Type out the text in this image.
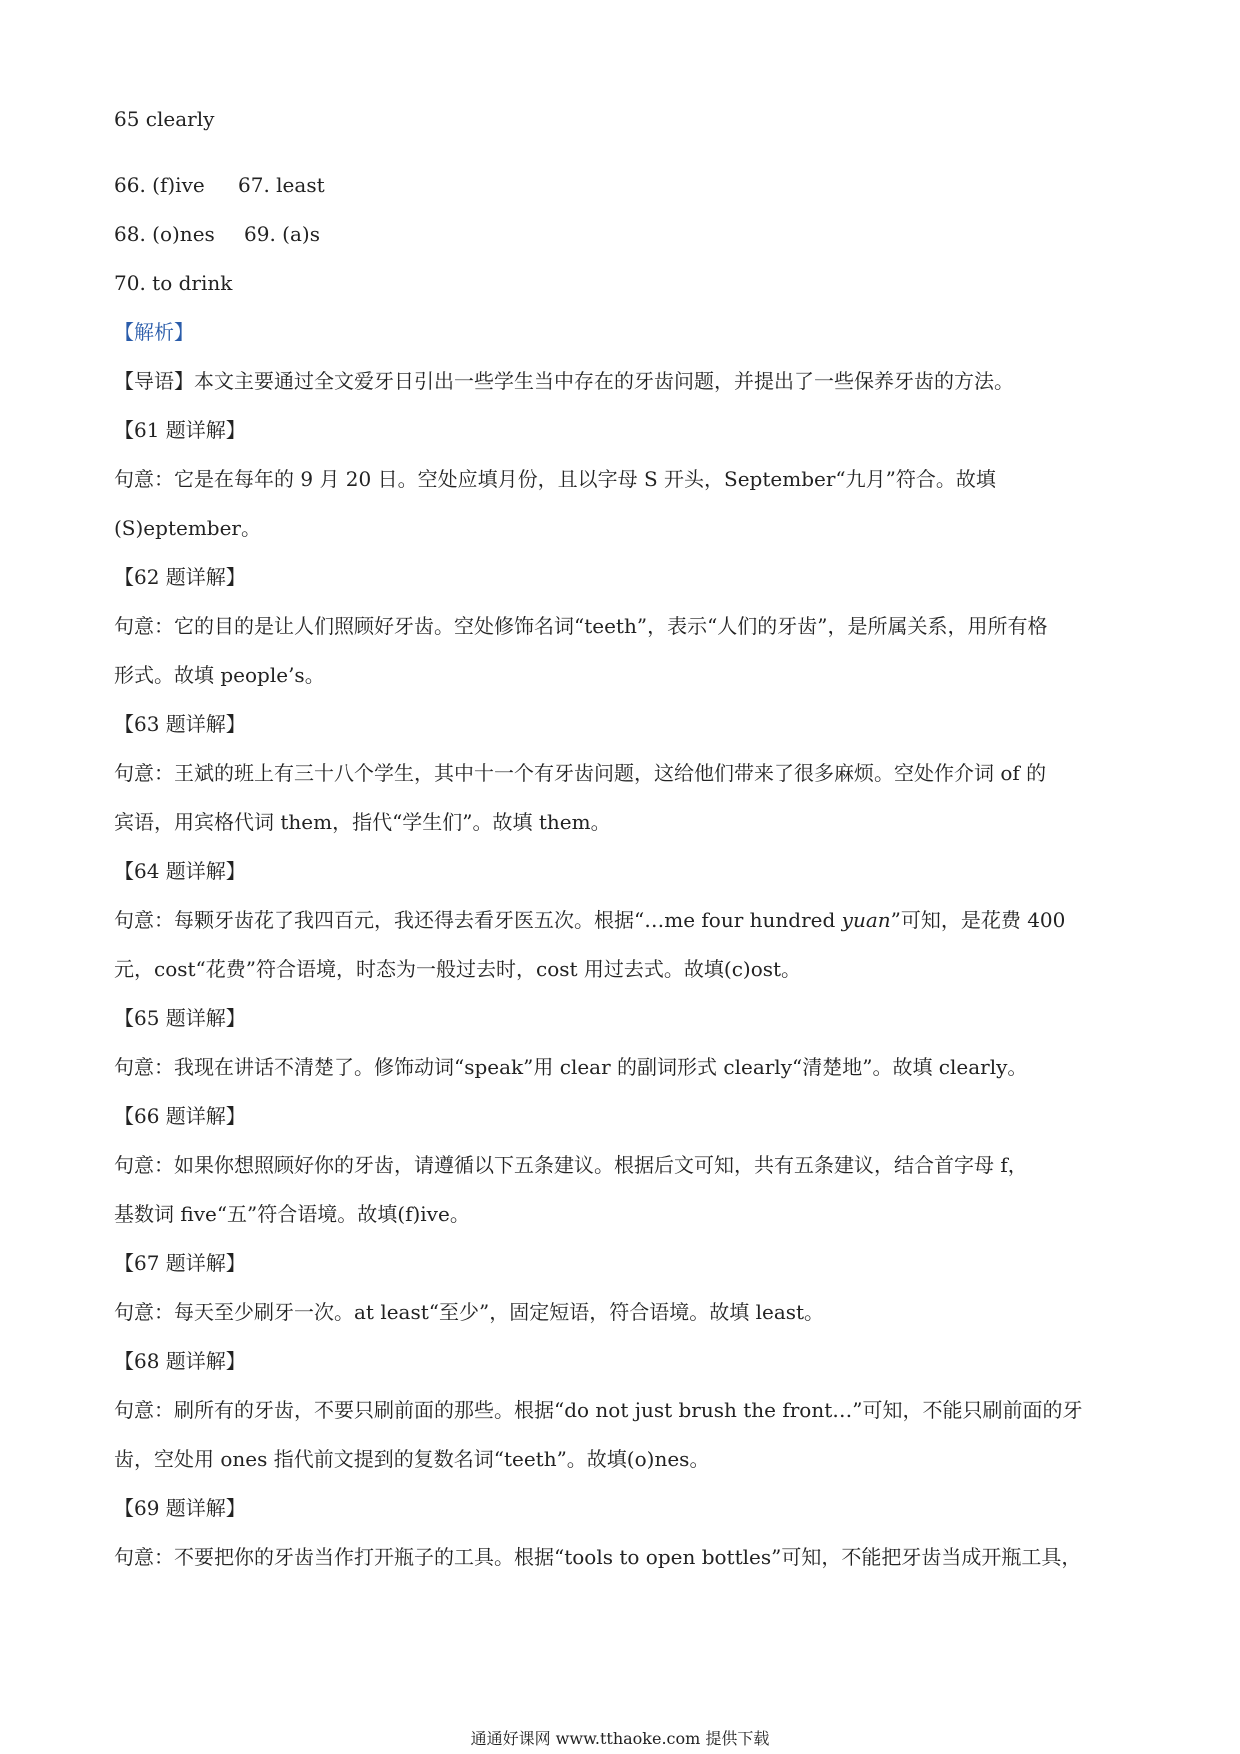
65 clearly
66. (f)ive 67. least
68. (o)nes 69. (a)s
70. to drink
【解析】
【导语】本文主要通过全文爱牙日引出一些学生当中存在的牙齿问题，并提出了一些保养牙齿的方法。
【61 题详解】
句意：它是在每年的 9 月 20 日。空处应填月份，且以字母 S 开头，September“九月”符合。故填
(S)eptember。
【62 题详解】
句意：它的目的是让人们照顾好牙齿。空处修饰名词“teeth”，表示“人们的牙齿”，是所属关系，用所有格
形式。故填 people’s。
【63 题详解】
句意：王斌的班上有三十八个学生，其中十一个有牙齿问题，这给他们带来了很多麻烦。空处作介词 of 的
宾语，用宾格代词 them，指代“学生们”。故填 them。
【64 题详解】
句意：每颗牙齿花了我四百元，我还得去看牙医五次。根据“…me four hundred yuan”可知，是花费 400
元，cost“花费”符合语境，时态为一般过去时，cost 用过去式。故填(c)ost。
【65 题详解】
句意：我现在讲话不清楚了。修饰动词“speak”用 clear 的副词形式 clearly“清楚地”。故填 clearly。
【66 题详解】
句意：如果你想照顾好你的牙齿，请遵循以下五条建议。根据后文可知，共有五条建议，结合首字母 f，
基数词 five“五”符合语境。故填(f)ive。
【67 题详解】
句意：每天至少刷牙一次。at least“至少”，固定短语，符合语境。故填 least。
【68 题详解】
句意：刷所有的牙齿，不要只刷前面的那些。根据“do not just brush the front…”可知，不能只刷前面的牙
齿，空处用 ones 指代前文提到的复数名词“teeth”。故填(o)nes。
【69 题详解】
句意：不要把你的牙齿当作打开瓶子的工具。根据“tools to open bottles”可知，不能把牙齿当成开瓶工具，
通通好课网 www.tthaoke.com 提供下载
